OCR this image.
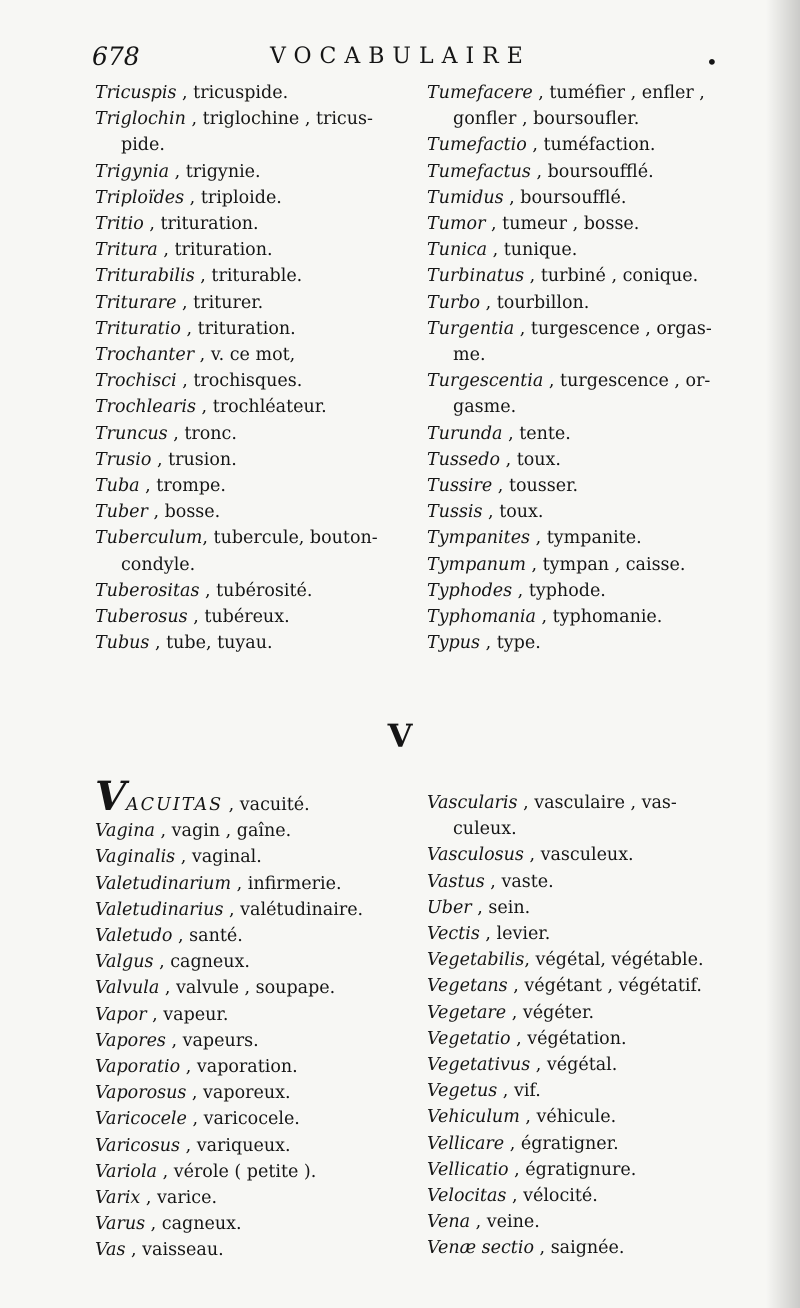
678	VOCABULAIRE	•

Tricuspis , tricuspide.

Triglochin , triglochine , tricus-

pide.

Trigynia , trigynie.

Triploïdes , triploide.

Tritio , trituration.

Tritura , trituration.

Triturabilis , triturable.

Triturare , triturer.

Trituratio , trituration.

Trochanter , v. ce mot,

Trochisci , trochisques.

Trochlearis , trochléateur.

Truncus , tronc.

Trusio , trusion.

Tuba , trompe.

Tuber , bosse.

Tuberculum, tubercule, bouton-

condyle.

Tuberositas , tubérosité.

Tuberosus , tubéreux.

Tubus , tube, tuyau.

Tumefacere , tuméfier , enfler ,

gonfler , boursoufler.

Tumefactio , tuméfaction.

Tumefactus , boursoufflé.

Tumidus , boursoufflé.

Tumor , tumeur , bosse.

Tunica , tunique.

Turbinatus , turbiné , conique.

Turbo , tourbillon.

Turgentia , turgescence , orgas-

me.

Turgescentia , turgescence , or-

gasme.

Turunda , tente.

Tussedo , toux.

Tussire , tousser.

Tussis , toux.

Tympanites , tympanite.

Tympanum , tympan , caisse.

Typhodes , typhode.

Typhomania , typhomanie.

Typus , type.

V

VACUITAS , vacuité.

Vagina , vagin , gaîne.

Vaginalis , vaginal.

Valetudinarium , infirmerie.

Valetudinarius , valétudinaire.

Valetudo , santé.

Valgus , cagneux.

Valvula , valvule , soupape.

Vapor , vapeur.

Vapores , vapeurs.

Vaporatio , vaporation.

Vaporosus , vaporeux.

Varicocele , varicocele.

Varicosus , variqueux.

Variola , vérole ( petite ).

Varix , varice.

Varus , cagneux.

Vas , vaisseau.

Vascularis , vasculaire , vas-

culeux.

Vasculosus , vasculeux.

Vastus , vaste.

Uber , sein.

Vectis , levier.

Vegetabilis, végétal, végétable.

Vegetans , végétant , végétatif.

Vegetare , végéter.

Vegetatio , végétation.

Vegetativus , végétal.

Vegetus , vif.

Vehiculum , véhicule.

Vellicare , égratigner.

Vellicatio , égratignure.

Velocitas , vélocité.

Vena , veine.

Venæ sectio , saignée.
